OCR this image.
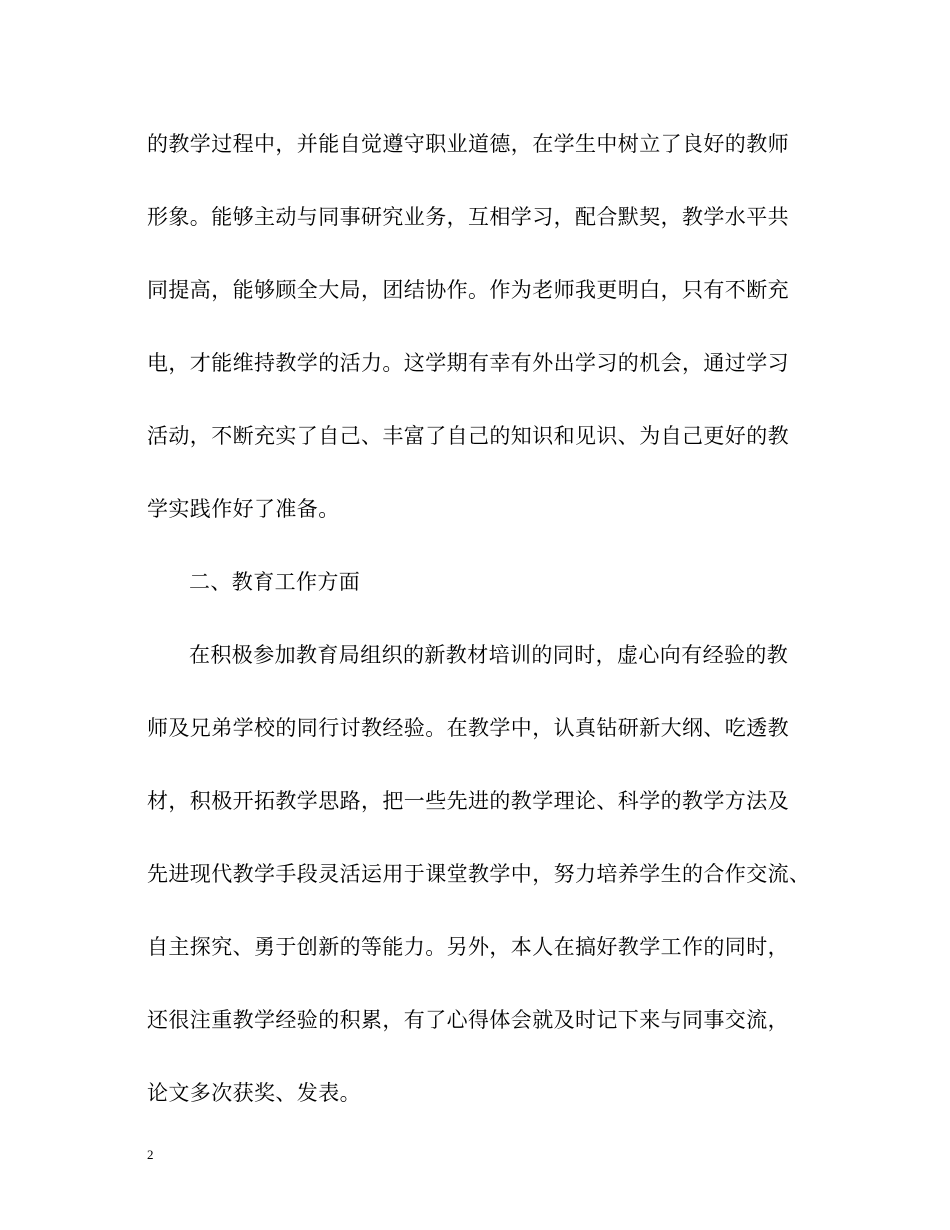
的教学过程中，并能自觉遵守职业道德，在学生中树立了良好的教师
形象。能够主动与同事研究业务，互相学习，配合默契，教学水平共
同提高，能够顾全大局，团结协作。作为老师我更明白，只有不断充
电，才能维持教学的活力。这学期有幸有外出学习的机会，通过学习
活动，不断充实了自己、丰富了自己的知识和见识、为自己更好的教
学实践作好了准备。
二、教育工作方面
在积极参加教育局组织的新教材培训的同时，虚心向有经验的教
师及兄弟学校的同行讨教经验。在教学中，认真钻研新大纲、吃透教
材，积极开拓教学思路，把一些先进的教学理论、科学的教学方法及
先进现代教学手段灵活运用于课堂教学中，努力培养学生的合作交流、
自主探究、勇于创新的等能力。另外，本人在搞好教学工作的同时，
还很注重教学经验的积累，有了心得体会就及时记下来与同事交流，
论文多次获奖、发表。
2
